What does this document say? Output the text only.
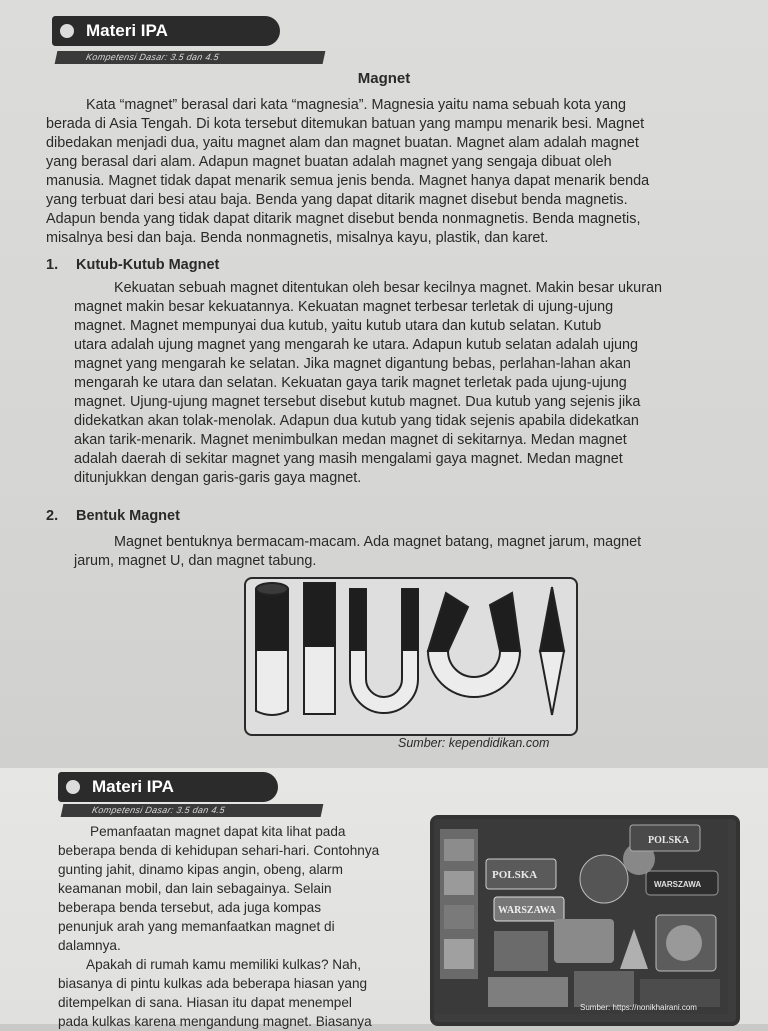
Materi IPA
Kompetensi Dasar: 3.5 dan 4.5
Magnet
Kata “magnet” berasal dari kata “magnesia”. Magnesia yaitu nama sebuah kota yang
berada di Asia Tengah. Di kota tersebut ditemukan batuan yang mampu menarik besi. Magnet
dibedakan menjadi dua, yaitu magnet alam dan magnet buatan. Magnet alam adalah magnet
yang berasal dari alam. Adapun magnet buatan adalah magnet yang sengaja dibuat oleh
manusia. Magnet tidak dapat menarik semua jenis benda. Magnet hanya dapat menarik benda
yang terbuat dari besi atau baja. Benda yang dapat ditarik magnet disebut benda magnetis.
Adapun benda yang tidak dapat ditarik magnet disebut benda nonmagnetis. Benda magnetis,
misalnya besi dan baja. Benda nonmagnetis, misalnya kayu, plastik, dan karet.
1. Kutub-Kutub Magnet
Kekuatan sebuah magnet ditentukan oleh besar kecilnya magnet. Makin besar ukuran
magnet makin besar kekuatannya. Kekuatan magnet terbesar terletak di ujung-ujung
magnet. Magnet mempunyai dua kutub, yaitu kutub utara dan kutub selatan. Kutub
utara adalah ujung magnet yang mengarah ke utara. Adapun kutub selatan adalah ujung
magnet yang mengarah ke selatan. Jika magnet digantung bebas, perlahan-lahan akan
mengarah ke utara dan selatan. Kekuatan gaya tarik magnet terletak pada ujung-ujung
magnet. Ujung-ujung magnet tersebut disebut kutub magnet. Dua kutub yang sejenis jika
didekatkan akan tolak-menolak. Adapun dua kutub yang tidak sejenis apabila didekatkan
akan tarik-menarik. Magnet menimbulkan medan magnet di sekitarnya. Medan magnet
adalah daerah di sekitar magnet yang masih mengalami gaya magnet. Medan magnet
ditunjukkan dengan garis-garis gaya magnet.
2. Bentuk Magnet
Magnet bentuknya bermacam-macam. Ada magnet batang, magnet jarum, magnet
jarum, magnet U, dan magnet tabung.
Sumber: kependidikan.com
Materi IPA
Kompetensi Dasar: 3.5 dan 4.5
Pemanfaatan magnet dapat kita lihat pada
beberapa benda di kehidupan sehari-hari. Contohnya
gunting jahit, dinamo kipas angin, obeng, alarm
keamanan mobil, dan lain sebagainya. Selain
beberapa benda tersebut, ada juga kompas
penunjuk arah yang memanfaatkan magnet di
dalamnya.
Apakah di rumah kamu memiliki kulkas? Nah,
biasanya di pintu kulkas ada beberapa hiasan yang
ditempelkan di sana. Hiasan itu dapat menempel
pada kulkas karena mengandung magnet. Biasanya
POLSKA
WARSZAWA
POLSKA
WARSZAWA
Sumber: https://nonikhairani.com
